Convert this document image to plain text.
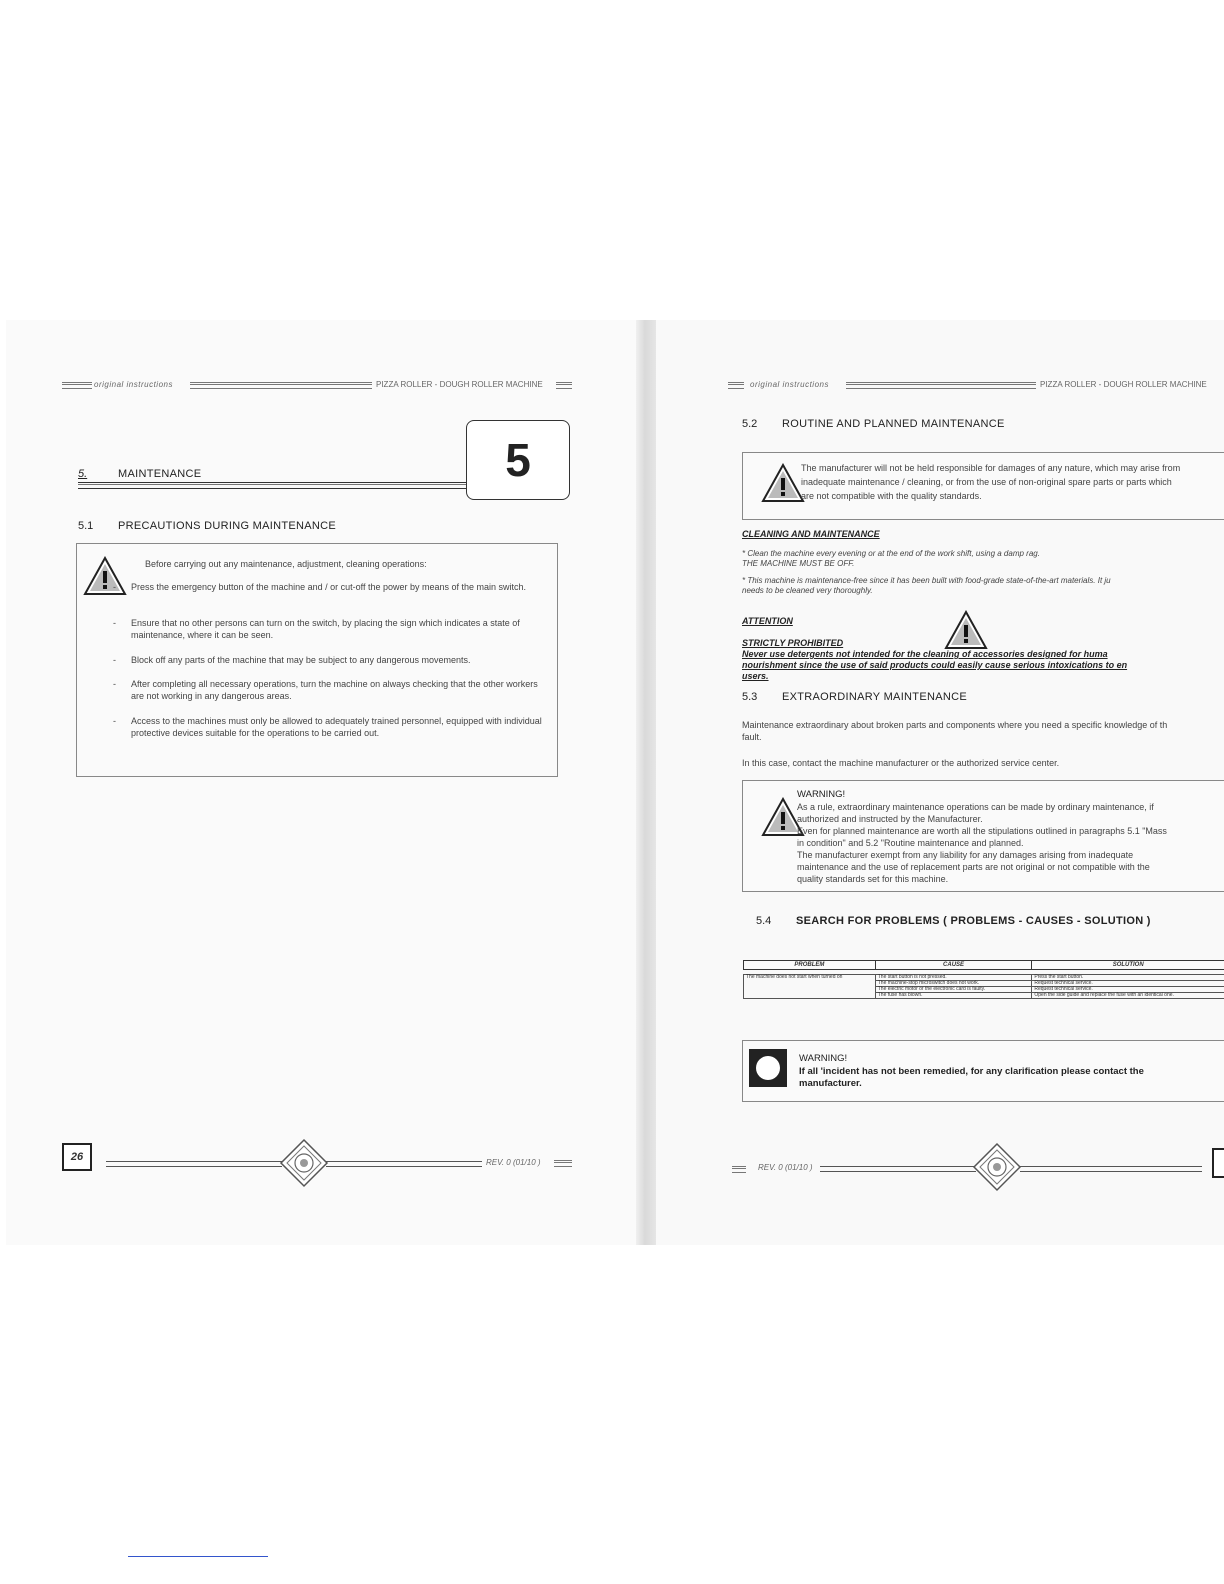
original instructions	PIZZA ROLLER - DOUGH ROLLER MACHINE
5.	MAINTENANCE	5
5.1 PRECAUTIONS DURING MAINTENANCE
Before carrying out any maintenance, adjustment, cleaning operations:
- Press the emergency button of the machine and / or cut-off the power by means of the main switch.
- Ensure that no other persons can turn on the switch, by placing the sign which indicates a state of maintenance, where it can be seen.
- Block off any parts of the machine that may be subject to any dangerous movements.
- After completing all necessary operations, turn the machine on always checking that the other workers are not working in any dangerous areas.
- Access to the machines must only be allowed to adequately trained personnel, equipped with individual protective devices suitable for the operations to be carried out.
26	REV. 0 (01/10 )
original instructions	PIZZA ROLLER - DOUGH ROLLER MACHINE
5.2 ROUTINE AND PLANNED MAINTENANCE
The manufacturer will not be held responsible for damages of any nature, which may arise from inadequate maintenance / cleaning, or from the use of non-original spare parts or parts which are not compatible with the quality standards.
CLEANING AND MAINTENANCE
* Clean the machine every evening or at the end of the work shift, using a damp rag.
THE MACHINE MUST BE OFF.
* This machine is maintenance-free since it has been built with food-grade state-of-the-art materials. It ju
needs to be cleaned very thoroughly.
ATTENTION
STRICTLY PROHIBITED
Never use detergents not intended for the cleaning of accessories designed for huma
nourishment since the use of said products could easily cause serious intoxications to en
users.
5.3 EXTRAORDINARY MAINTENANCE
Maintenance extraordinary about broken parts and components where you need a specific knowledge of th
fault.
In this case, contact the machine manufacturer or the authorized service center.
WARNING!
As a rule, extraordinary maintenance operations can be made by ordinary maintenance, if
authorized and instructed by the Manufacturer.
Even for planned maintenance are worth all the stipulations outlined in paragraphs 5.1 "Mass
in condition" and 5.2 "Routine maintenance and planned.
The manufacturer exempt from any liability for any damages arising from inadequate
maintenance and the use of replacement parts are not original or not compatible with the
quality standards set for this machine.
5.4 SEARCH FOR PROBLEMS ( PROBLEMS - CAUSES - SOLUTION )
PROBLEM	CAUSE	SOLUTION

The machine does not start when turned on	The start button is not pressed.	Press the start button.
	The machine-stop microswitch does not work.	Request technical service.
	The electric motor or the electronic card is faulty.	Request technical service.
	The fuse has blown.	Open the side guide and replace the fuse with an identical one.
WARNING!
If all 'incident has not been remedied, for any clarification please contact the
manufacturer.
REV. 0 (01/10 )
